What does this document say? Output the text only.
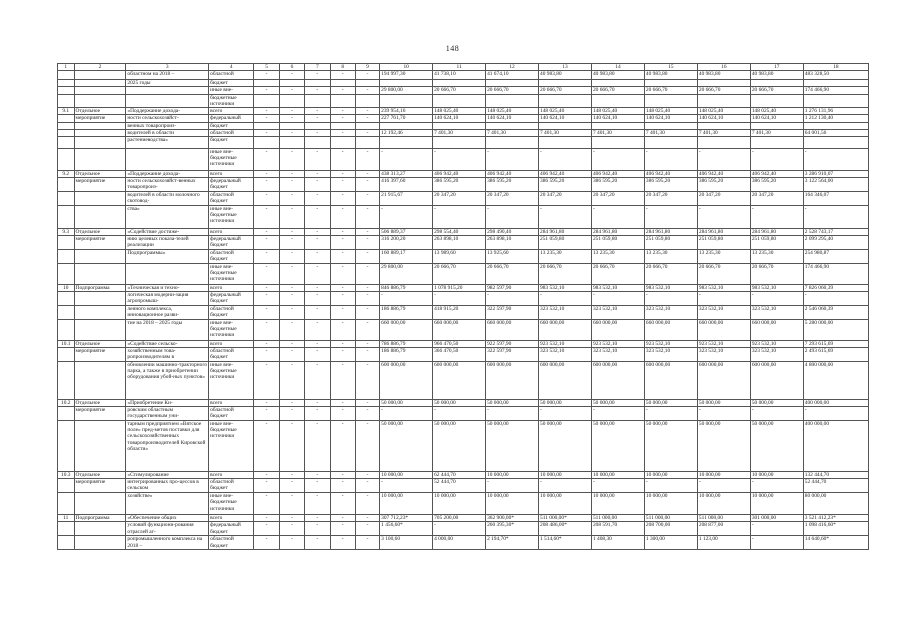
148
1	2	3	4	5	6	7	8	9	10	11	12	13	14	15	16	17	18
		областном на 2018 –	областной	-	-	-	-	-	194 997,30	41 738,10	41 674,10	40 983,80	40 983,80	40 983,80	40 983,80	40 983,80	483 328,50
		2025 годы	бюджет														
			иные вне-	-	-	-	-	-	29 800,00	20 666,70	20 666,70	20 666,70	20 666,70	20 666,70	20 666,70	20 666,70	174 466,90
			бюджетные источники														
9.1	Отдельное	«Поддержание дохода-	всего	-	-	-	-	-	239 954,16	148 025,40	148 025,40	148 025,40	148 025,40	148 025,40	148 025,40	148 025,40	1 276 131,96
	мероприятие	ности сельскохозяйст-	федеральный	-	-	-	-	-	227 761,70	140 624,10	140 624,10	140 624,10	140 624,10	140 624,10	140 624,10	140 624,10	1 212 130,40
		венных товаропроиз-	бюджет														
		водителей в области	областной	-	-	-	-	-	12 192,46	7 401,30	7 401,30	7 401,30	7 401,30	7 401,30	7 401,30	7 401,30	64 001,56
		растениеводства»	бюджет														
			иные вне-бюджетные источники	-	-	-	-	-	-	-	-	-	-	-	-	-	-
9.2	Отдельное	«Поддержание дохода-	всего	-	-	-	-	-	438 313,27	406 942,40	406 942,40	406 942,40	406 942,40	406 942,40	406 942,40	406 942,40	3 286 910,07
	мероприятие	ности сельскохозяйст-венных товаропроиз-	федеральный бюджет	-	-	-	-	-	416 397,60	386 595,20	386 595,20	386 595,20	386 595,20	386 595,20	386 595,20	386 595,20	3 122 564,00
		водителей в области молочного скотовод-	областной бюджет	-	-	-	-	-	21 915,67	20 347,20	20 347,20	20 347,20	20 347,20	20 347,20	20 347,20	20 347,20	164 346,07
		ства»	иные вне-бюджетные источники	-	-	-	-	-	-	-	-	-	-	-	-	-	-
9.3	Отдельное	«Содействие достиже-	всего	-	-	-	-	-	506 889,37	298 554,40	298 490,40	284 961,80	284 961,80	284 961,80	284 961,80	284 961,80	2 528 743,17
	мероприятие	нию целевых показа-телей реализации	федеральный бюджет	-	-	-	-	-	316 200,20	263 898,10	263 898,10	251 059,80	251 059,80	251 059,80	251 059,80	251 059,80	2 099 295,40
		Подпрограммы»	областной бюджет	-	-	-	-	-	160 889,17	13 989,60	13 925,60	13 235,30	13 235,30	13 235,30	13 235,30	13 235,30	254 980,87
			иные вне-бюджетные источники	-	-	-	-	-	29 800,00	20 666,70	20 666,70	20 666,70	20 666,70	20 666,70	20 666,70	20 666,70	174 466,90
10	Подпрограмма	«Техническая и техно-	всего	-	-	-	-	-	846 886,79	1 078 915,20	982 597,90	983 532,10	983 532,10	983 532,10	983 532,10	983 532,10	7 826 060,39
		логическая модерни-зация агропромыш-	федеральный бюджет	-	-	-	-	-	-	-	-	-	-	-	-	-	-
		ленного комплекса, инновационное разви-	областной бюджет	-	-	-	-	-	186 886,79	418 915,20	322 597,90	323 532,10	323 532,10	323 532,10	323 532,10	323 532,10	2 546 060,39
		тие на 2018 – 2025 годы	иные вне-бюджетные источники	-	-	-	-	-	660 000,00	660 000,00	660 000,00	660 000,00	660 000,00	660 000,00	660 000,00	660 000,00	5 280 000,00
10.1	Отдельное	«Содействие сельско-	всего	-	-	-	-	-	786 886,79	966 470,50	922 597,90	923 532,10	923 532,10	923 532,10	923 532,10	923 532,10	7 293 615,69
	мероприятие	хозяйственным това-ропроизводителям в	областной бюджет	-	-	-	-	-	186 886,79	366 470,50	322 597,90	323 532,10	323 532,10	323 532,10	323 532,10	323 532,10	2 493 615,69
		обновлении машинно-тракторного парка, а также в приобретении оборудования убой-ных пунктов»	иные вне-бюджетные источники	-	-	-	-	-	600 000,00	600 000,00	600 000,00	600 000,00	600 000,00	600 000,00	600 000,00	600 000,00	4 800 000,00
10.2	Отдельное	«Приобретение Ки-	всего	-	-	-	-	-	50 000,00	50 000,00	50 000,00	50 000,00	50 000,00	50 000,00	50 000,00	50 000,00	400 000,00
	мероприятие	ровским областным государственным уни-	областной бюджет	-	-	-	-	-	-	-	-	-	-	-	-	-	-
		тарным предприятием «Вятское поле» пред-метов поставки для сельскохозяйственных товаропроизводителей Кировской области»	иные вне-бюджетные источники	-	-	-	-	-	50 000,00	50 000,00	50 000,00	50 000,00	50 000,00	50 000,00	50 000,00	50 000,00	400 000,00
10.3	Отдельное	«Стимулирование	всего	-	-	-	-	-	10 000,00	62 444,70	10 000,00	10 000,00	10 000,00	10 000,00	10 000,00	10 000,00	132 444,70
	мероприятие	интегрированных про-цессов в сельском	областной бюджет	-	-	-	-	-	-	52 444,70	-	-	-	-	-	-	52 444,70
		хозяйстве»	иные вне-бюджетные источники	-	-	-	-	-	10 000,00	10 000,00	10 000,00	10 000,00	10 000,00	10 000,00	10 000,00	10 000,00	80 000,00
11	Подпрограмма	«Обеспечение общих	всего	-	-	-	-	-	307 712,23*	705 200,00	362 900,00*	511 000,00*	511 000,00	511 000,00	511 000,00	301 000,00	3 521 412,23*
		условий функциони-рования отраслей аг-	федеральный бюджет	-	-	-	-	-	1 456,60*	-	260 395,30*	208 486,00*	208 591,70	208 700,00	208 877,00	-	1 098 416,60*
		ропромышленного комплекса на 2018 –	областной бюджет	-	-	-	-	-	3 100,60	4 000,00	2 194,70*	1 514,60*	1 408,30	1 300,00	1 123,00	-	14 640,60*
